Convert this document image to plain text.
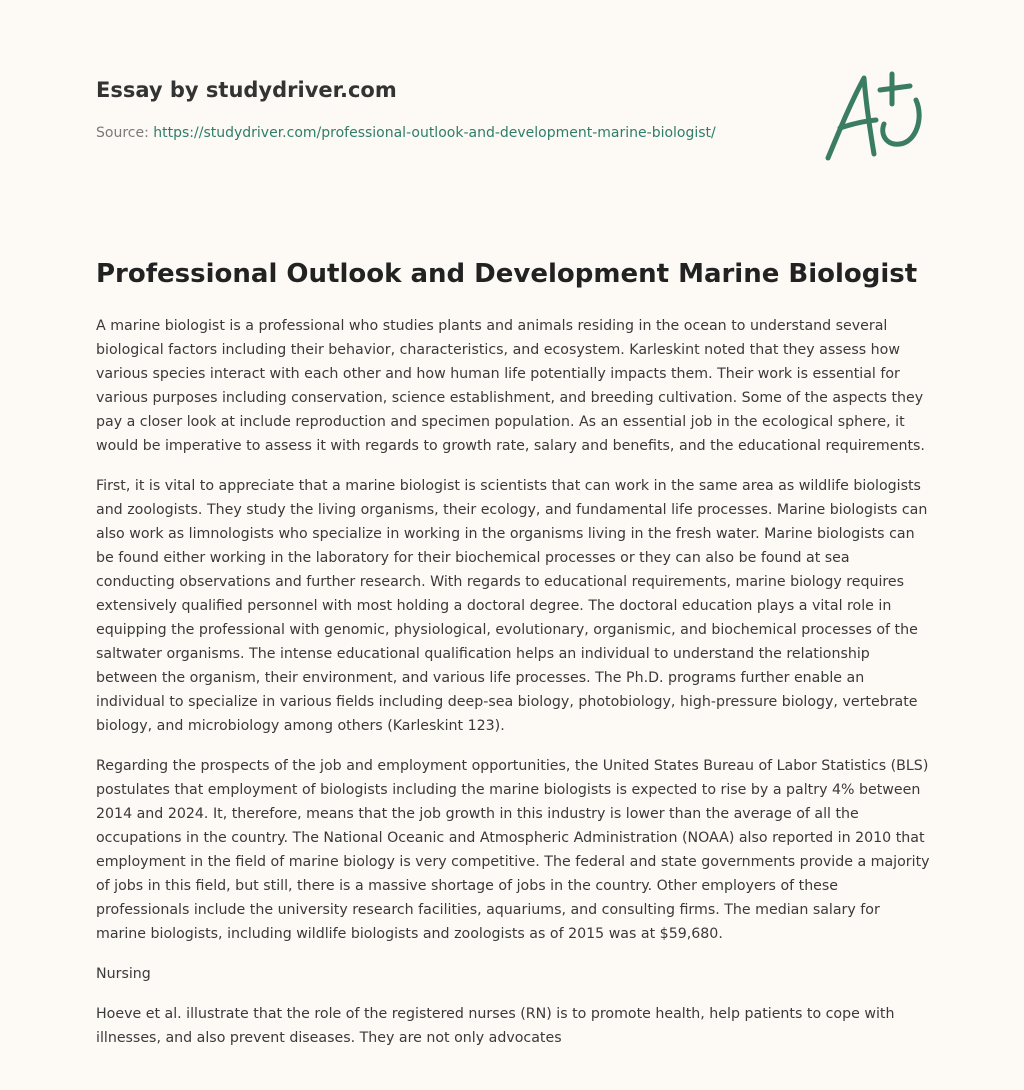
Essay by studydriver.com
Source: https://studydriver.com/professional-outlook-and-development-marine-biologist/
Professional Outlook and Development Marine Biologist

A marine biologist is a professional who studies plants and animals residing in the ocean to understand several biological factors including their behavior, characteristics, and ecosystem. Karleskint noted that they assess how various species interact with each other and how human life potentially impacts them. Their work is essential for various purposes including conservation, science establishment, and breeding cultivation. Some of the aspects they pay a closer look at include reproduction and specimen population. As an essential job in the ecological sphere, it would be imperative to assess it with regards to growth rate, salary and benefits, and the educational requirements.

First, it is vital to appreciate that a marine biologist is scientists that can work in the same area as wildlife biologists and zoologists. They study the living organisms, their ecology, and fundamental life processes. Marine biologists can also work as limnologists who specialize in working in the organisms living in the fresh water. Marine biologists can be found either working in the laboratory for their biochemical processes or they can also be found at sea conducting observations and further research. With regards to educational requirements, marine biology requires extensively qualified personnel with most holding a doctoral degree. The doctoral education plays a vital role in equipping the professional with genomic, physiological, evolutionary, organismic, and biochemical processes of the saltwater organisms. The intense educational qualification helps an individual to understand the relationship between the organism, their environment, and various life processes. The Ph.D. programs further enable an individual to specialize in various fields including deep-sea biology, photobiology, high-pressure biology, vertebrate biology, and microbiology among others (Karleskint 123).

Regarding the prospects of the job and employment opportunities, the United States Bureau of Labor Statistics (BLS) postulates that employment of biologists including the marine biologists is expected to rise by a paltry 4% between 2014 and 2024. It, therefore, means that the job growth in this industry is lower than the average of all the occupations in the country. The National Oceanic and Atmospheric Administration (NOAA) also reported in 2010 that employment in the field of marine biology is very competitive. The federal and state governments provide a majority of jobs in this field, but still, there is a massive shortage of jobs in the country. Other employers of these professionals include the university research facilities, aquariums, and consulting firms. The median salary for marine biologists, including wildlife biologists and zoologists as of 2015 was at $59,680.

Nursing

Hoeve et al. illustrate that the role of the registered nurses (RN) is to promote health, help patients to cope with illnesses, and also prevent diseases. They are not only advocates
